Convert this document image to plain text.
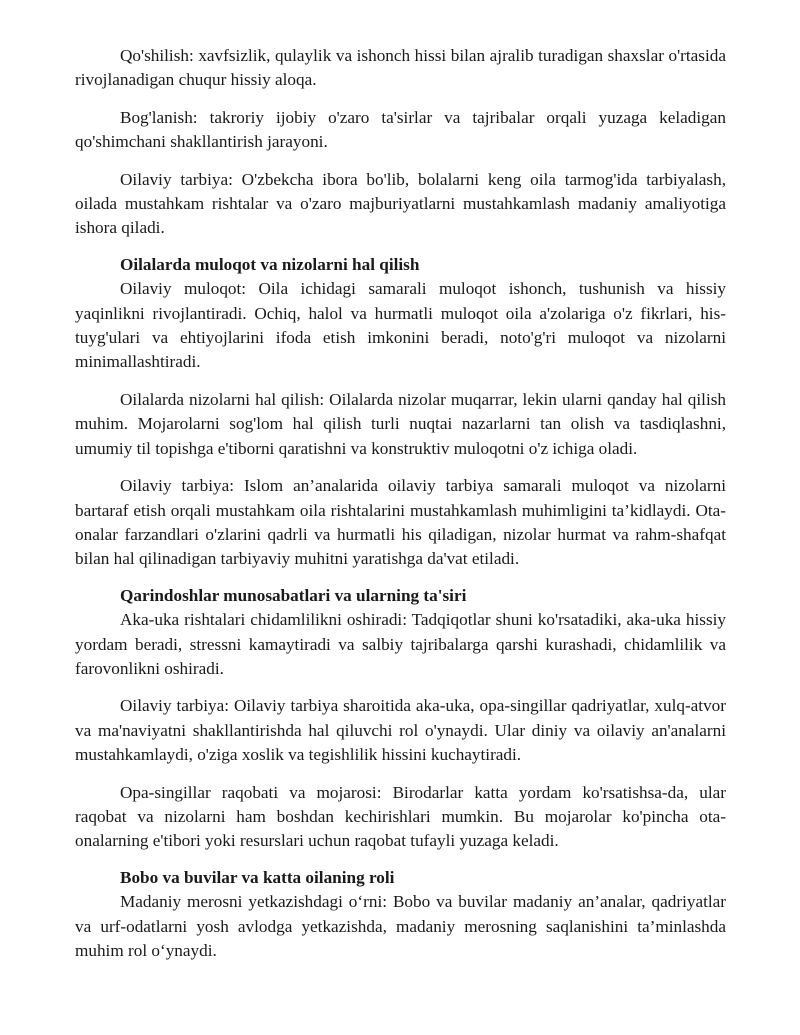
Qo'shilish: xavfsizlik, qulaylik va ishonch hissi bilan ajralib turadigan shaxslar o'rtasida rivojlanadigan chuqur hissiy aloqa.

Bog'lanish: takroriy ijobiy o'zaro ta'sirlar va tajribalar orqali yuzaga keladigan qo'shimchani shakllantirish jarayoni.

Oilaviy tarbiya: O'zbekcha ibora bo'lib, bolalarni keng oila tarmog'ida tarbiyalash, oilada mustahkam rishtalar va o'zaro majburiyatlarni mustahkamlash madaniy amaliyotiga ishora qiladi.

Oilalarda muloqot va nizolarni hal qilish

Oilaviy muloqot: Oila ichidagi samarali muloqot ishonch, tushunish va hissiy yaqinlikni rivojlantiradi. Ochiq, halol va hurmatli muloqot oila a'zolariga o'z fikrlari, his-tuyg'ulari va ehtiyojlarini ifoda etish imkonini beradi, noto'g'ri muloqot va nizolarni minimallashtiradi.

Oilalarda nizolarni hal qilish: Oilalarda nizolar muqarrar, lekin ularni qanday hal qilish muhim. Mojarolarni sog'lom hal qilish turli nuqtai nazarlarni tan olish va tasdiqlashni, umumiy til topishga e'tiborni qaratishni va konstruktiv muloqotni o'z ichiga oladi.

Oilaviy tarbiya: Islom an’analarida oilaviy tarbiya samarali muloqot va nizolarni bartaraf etish orqali mustahkam oila rishtalarini mustahkamlash muhimligini ta’kidlaydi. Ota-onalar farzandlari o'zlarini qadrli va hurmatli his qiladigan, nizolar hurmat va rahm-shafqat bilan hal qilinadigan tarbiyaviy muhitni yaratishga da'vat etiladi.

Qarindoshlar munosabatlari va ularning ta'siri

Aka-uka rishtalari chidamlilikni oshiradi: Tadqiqotlar shuni ko'rsatadiki, aka-uka hissiy yordam beradi, stressni kamaytiradi va salbiy tajribalarga qarshi kurashadi, chidamlilik va farovonlikni oshiradi.

Oilaviy tarbiya: Oilaviy tarbiya sharoitida aka-uka, opa-singillar qadriyatlar, xulq-atvor va ma'naviyatni shakllantirishda hal qiluvchi rol o'ynaydi. Ular diniy va oilaviy an'analarni mustahkamlaydi, o'ziga xoslik va tegishlilik hissini kuchaytiradi.

Opa-singillar raqobati va mojarosi: Birodarlar katta yordam ko'rsatishsa-da, ular raqobat va nizolarni ham boshdan kechirishlari mumkin. Bu mojarolar ko'pincha ota-onalarning e'tibori yoki resurslari uchun raqobat tufayli yuzaga keladi.

Bobo va buvilar va katta oilaning roli

Madaniy merosni yetkazishdagi o‘rni: Bobo va buvilar madaniy an’analar, qadriyatlar va urf-odatlarni yosh avlodga yetkazishda, madaniy merosning saqlanishini ta’minlashda muhim rol o‘ynaydi.
